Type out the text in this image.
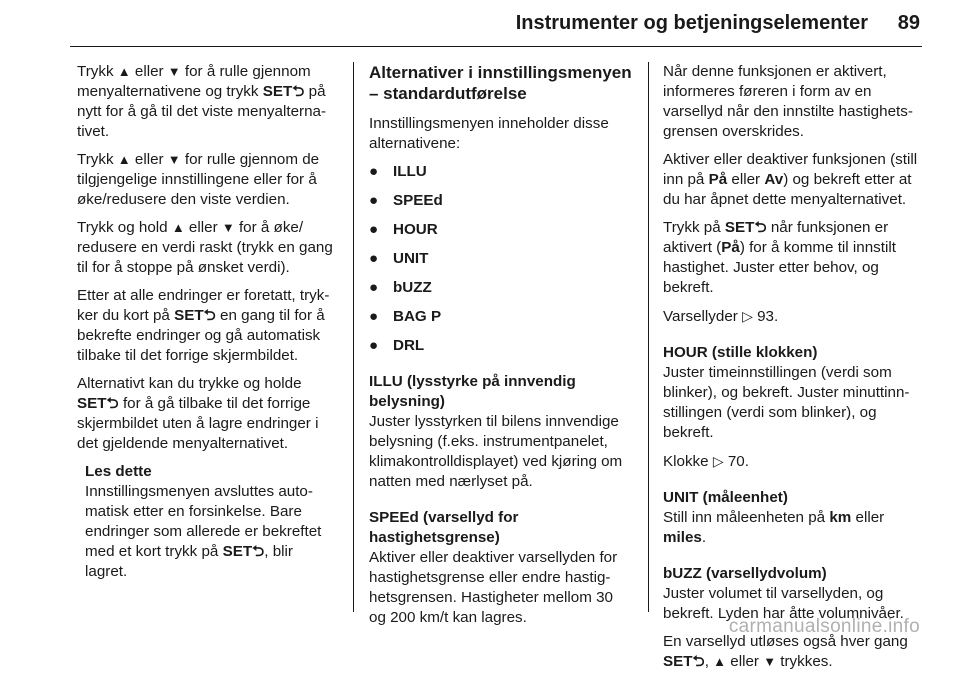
Instrumenter og betjeningselementer 89

Trykk ▲ eller ▼ for å rulle gjennom menyalternativene og trykk SET⮌ på nytt for å gå til det viste menyalternativet.

Trykk ▲ eller ▼ for rulle gjennom de tilgjengelige innstillingene eller for å øke/redusere den viste verdien.

Trykk og hold ▲ eller ▼ for å øke/ redusere en verdi raskt (trykk en gang til for å stoppe på ønsket verdi).

Etter at alle endringer er foretatt, trykker du kort på SET⮌ en gang til for å bekrefte endringer og gå automatisk tilbake til det forrige skjermbildet.

Alternativt kan du trykke og holde SET⮌ for å gå tilbake til det forrige skjermbildet uten å lagre endringer i det gjeldende menyalternativet.

Les dette
Innstillingsmenyen avsluttes automatisk etter en forsinkelse. Bare endringer som allerede er bekreftet med et kort trykk på SET⮌, blir lagret.
Alternativer i innstillingsmenyen – standardutførelse

Innstillingsmenyen inneholder disse alternativene:

● ILLU
● SPEEd
● HOUR
● UNIT
● bUZZ
● BAG P
● DRL
ILLU (lysstyrke på innvendig belysning)

Juster lysstyrken til bilens innvendige belysning (f.eks. instrumentpanelet, klimakontrolldisplayet) ved kjøring om natten med nærlyset på.

SPEEd (varsellyd for hastighetsgrense)

Aktiver eller deaktiver varsellyden for hastighetsgrense eller endre hastighetsgrensen. Hastigheter mellom 30 og 200 km/t kan lagres.

Når denne funksjonen er aktivert, informeres føreren i form av en varsellyd når den innstilte hastighetsgrensen overskrides.

Aktiver eller deaktiver funksjonen (still inn på På eller Av) og bekreft etter at du har åpnet dette menyalternativet.

Trykk på SET⮌ når funksjonen er aktivert (På) for å komme til innstilt hastighet. Juster etter behov, og bekreft.

Varsellyder ▷ 93.

HOUR (stille klokken)

Juster timeinnstillingen (verdi som blinker), og bekreft. Juster minuttinnstillingen (verdi som blinker), og bekreft.

Klokke ▷ 70.

UNIT (måleenhet)

Still inn måleenheten på km eller miles.

bUZZ (varsellydvolum)

Juster volumet til varsellyden, og bekreft. Lyden har åtte volumnivåer.

En varsellyd utløses også hver gang SET⮌, ▲ eller ▼ trykkes.

carmanualsonline.info
